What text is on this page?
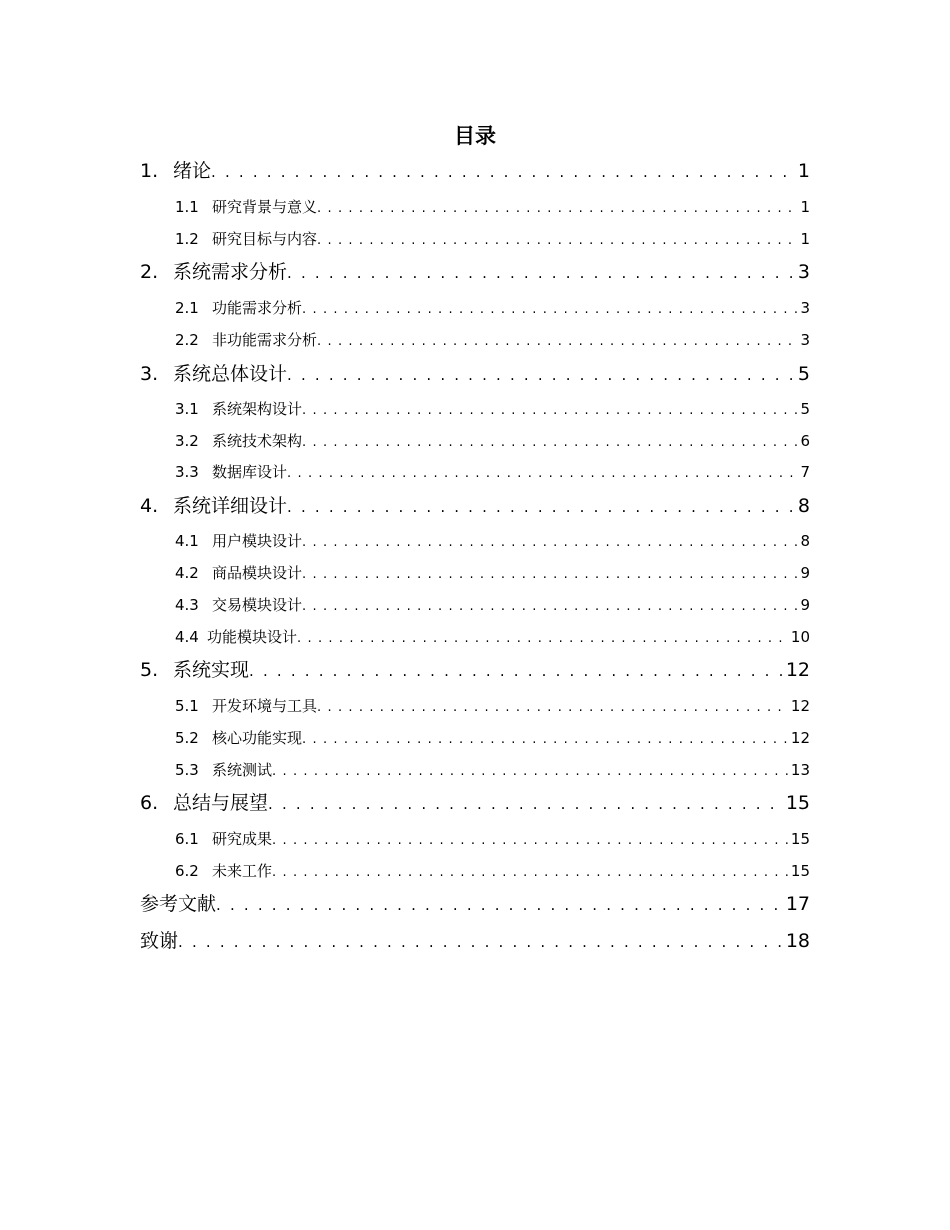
目录
1. 绪论 . . .	1
1.1 研究背景与意义 . . .	1
1.2 研究目标与内容 . . .	1
2. 系统需求分析 . . .	3
2.1 功能需求分析 . . .	3
2.2 非功能需求分析 . . .	3
3. 系统总体设计 . . .	5
3.1 系统架构设计 . . .	5
3.2 系统技术架构 . . .	6
3.3 数据库设计 . . .	7
4. 系统详细设计 . . .	8
4.1 用户模块设计 . . .	8
4.2 商品模块设计 . . .	9
4.3 交易模块设计 . . .	9
4.4 功能模块设计 . . .	10
5. 系统实现 . . .	12
5.1 开发环境与工具 . . .	12
5.2 核心功能实现 . . .	12
5.3 系统测试 . . .	13
6. 总结与展望 . . .	15
6.1 研究成果 . . .	15
6.2 未来工作 . . .	15
参考文献 . . .	17
致谢 . . .	18
